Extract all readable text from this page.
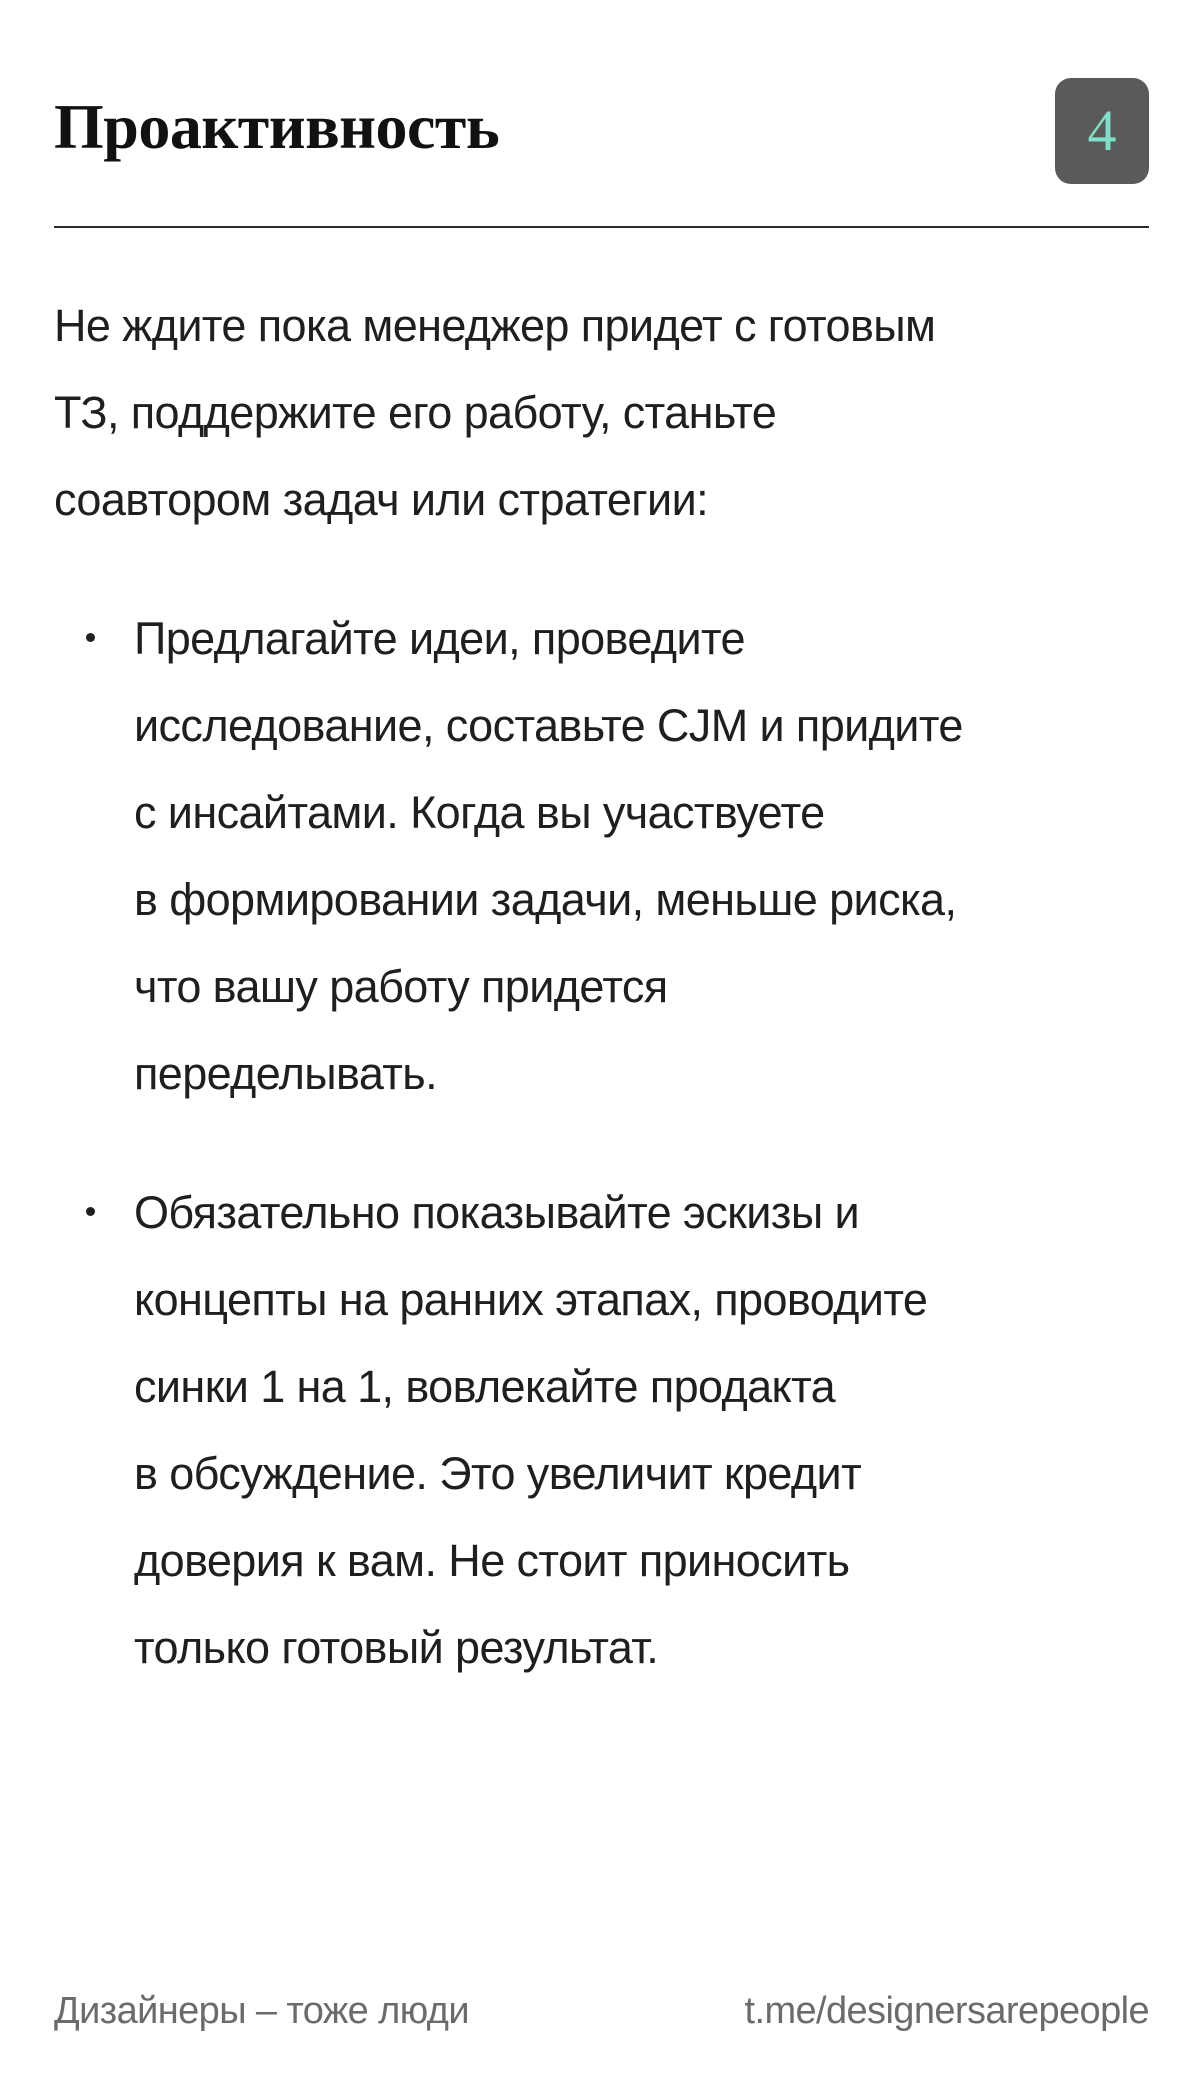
Проактивность	4

Не ждите пока менеджер придет с готовым
ТЗ, поддержите его работу, станьте
соавтором задач или стратегии:

Предлагайте идеи, проведите
исследование, составьте CJM и придите
с инсайтами. Когда вы участвуете
в формировании задачи, меньше риска,
что вашу работу придется
переделывать.
Обязательно показывайте эскизы и
концепты на ранних этапах, проводите
синки 1 на 1, вовлекайте продакта
в обсуждение. Это увеличит кредит
доверия к вам. Не стоит приносить
только готовый результат.
Дизайнеры – тоже люди	t.me/designersarepeople
